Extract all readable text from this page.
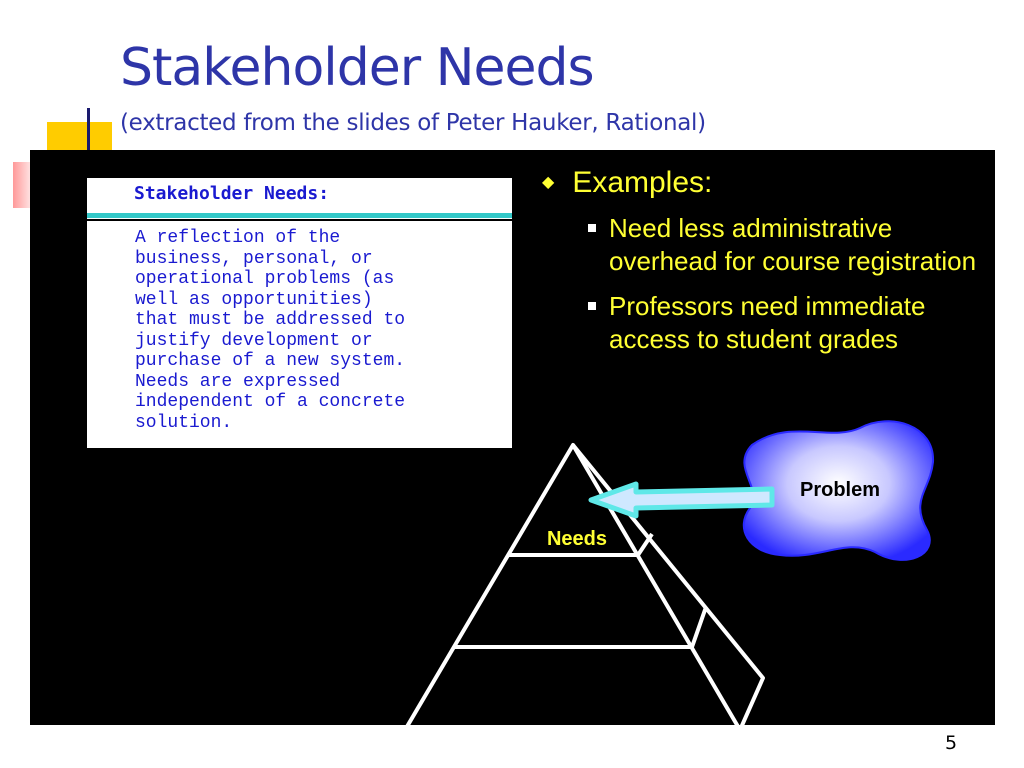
Stakeholder Needs
(extracted from the slides of Peter Hauker, Rational)
Stakeholder Needs:
A reflection of the
business, personal, or
operational problems (as
well as opportunities)
that must be addressed to
justify development or
purchase of a new system.
Needs are expressed
independent of a concrete
solution.
◆ Examples:
Need less administrative overhead for course registration
Professors need immediate access to student grades
Needs
Problem
5
